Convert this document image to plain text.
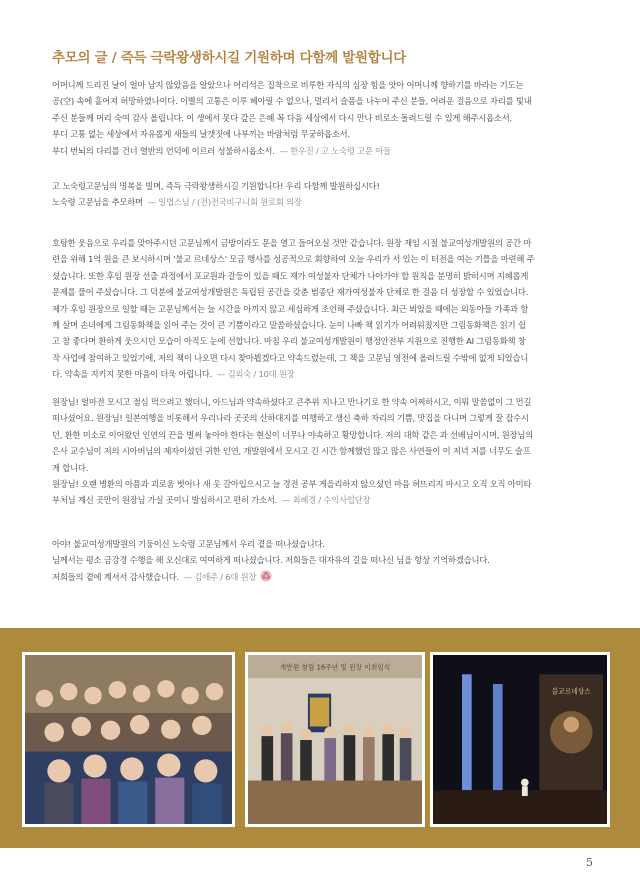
추모의 글 / 즉득 극락왕생하시길 기원하며 다함께 발원합니다

어머니께 드리진 날이 얼마 남지 않았음을 알았으나 어리석은 집착으로 비루한 자식의 심장 힘을 앗아 어머니께 향하기를 바라는 기도는

공(空) 속에 흩어져 허망하였나이다. 이별의 고통은 이루 헤아릴 수 없으나, 멀리서 슬픔을 나누어 주신 분들, 어려운 걸음으로 자리를 빛내

주신 분들께 머리 숙여 감사 올립니다. 이 생에서 못다 갚은 은혜 꼭 다음 세상에서 다시 만나 비로소 돌려드릴 수 있게 해주시옵소서.

부디 고통 없는 세상에서 자유롭게 새들의 날갯짓에 나부끼는 바람처럼 무궁하옵소서.

부디 번뇌의 다리를 건너 열반의 언덕에 이르러 성불하시옵소서. — 한우진 / 고 노숙령 고문 아들

고 노숙령고문님의 명복을 빌며, 즉득 극락왕생하시길 기원합니다! 우리 다함께 발원하십시다!

노숙령 고문님을 추모하며 — 일법스님 / (전)전국비구니회 원로회 의장

호탕한 웃음으로 우리를 맞아주시던 고문님께서 금방이라도 문을 열고 들어오실 것만 같습니다. 원장 재임 시절 불교여성개발원의 공간 마

련을 위해 1억 원을 큰 보시하시며 '불교 르네상스' 모금 행사를 성공적으로 회향하여 오늘 우리가 서 있는 이 터전을 여는 기틀을 마련해 주

셨습니다. 또한 후임 원장 선출 과정에서 포교원과 갈등이 있을 때도 재가 여성불자 단체가 나아가야 할 원칙을 분명히 밝히시며 지혜롭게

문제를 풀어 주셨습니다. 그 덕분에 불교여성개발원은 독립된 공간을 갖춘 범종단 재가여성불자 단체로 한 걸음 더 성장할 수 있었습니다.

제가 후임 원장으로 일할 때는 고문님께서는 늘 시간을 아끼지 않고 세심하게 조언해 주셨습니다. 최근 뵈었을 때에는 외동아들 가족과 함

께 살며 손녀에게 그림동화책을 읽어 주는 것이 큰 기쁨이라고 말씀하셨습니다. 눈이 나빠 책 읽기가 어려워졌지만 그림동화책은 읽기 쉽

고 참 좋다며 환하게 웃으시던 모습이 아직도 눈에 선합니다. 마침 우리 불교여성개발원이 행정안전부 지원으로 진행한 AI 그림동화책 창

작 사업에 참여하고 있었기에, 저의 책이 나오면 다시 찾아뵙겠다고 약속드렸는데, 그 책을 고문님 영전에 올려드릴 수밖에 없게 되었습니

다. 약속을 지키지 못한 마음이 더욱 아립니다. — 김외숙 / 10대 원장

원장님! 얼마전 모시고 점심 먹으려고 했더니, 아드님과 약속하셨다고 큰추위 지나고 만나기로 한 약속 어찌하시고, 이뭐 말씀없이 그 먼길

떠나셨어요. 원장님! 일본여행을 비롯해서 우리나라 곳곳의 산하대지를 여행하고 생신 축하 자리의 기쁨, 맛집을 다니며 그렇게 잘 잡수시

던, 환한 미소로 이어왔던 인연의 끈을 벌써 놓아야 한다는 현실이 너무나 야속하고 황망합니다. 저의 대학 같은 과 선배님이시며, 원장님의

은사 교수님이 저의 시아버님의 제자이셨던 귀한 인연, 개발원에서 모시고 긴 시간 함께했던 많고 많은 사연들이 이 저녁 저를 너무도 슬프

게 합니다.

원장님! 오랜 병환의 아픔과 괴로움 벗어나 새 옷 갈아입으시고 늘 경전 공부 게을리하지 않으셨던 마음 허뜨리지 마시고 오직 오직 아미타

부처님 계신 곳만이 원장님 가실 곳이니 발심하시고 편히 가소서. — 최혜경 / 수익사업단장

아야! 불교여성개발원의 기둥이신 노숙령 고문님께서 우리 곁을 떠나셨습니다.

님께서는 평소 금강경 수행을 해 오신대로 여여하게 떠나셨습니다. 저희들은 대자유의 길을 떠나신 님을 항상 기억하겠습니다.

저희들의 곁에 계셔서 감사했습니다. — 김애주 / 6대 원장

개발원 창립 16주년 및 원장 이취임식
불교르네상스
5
